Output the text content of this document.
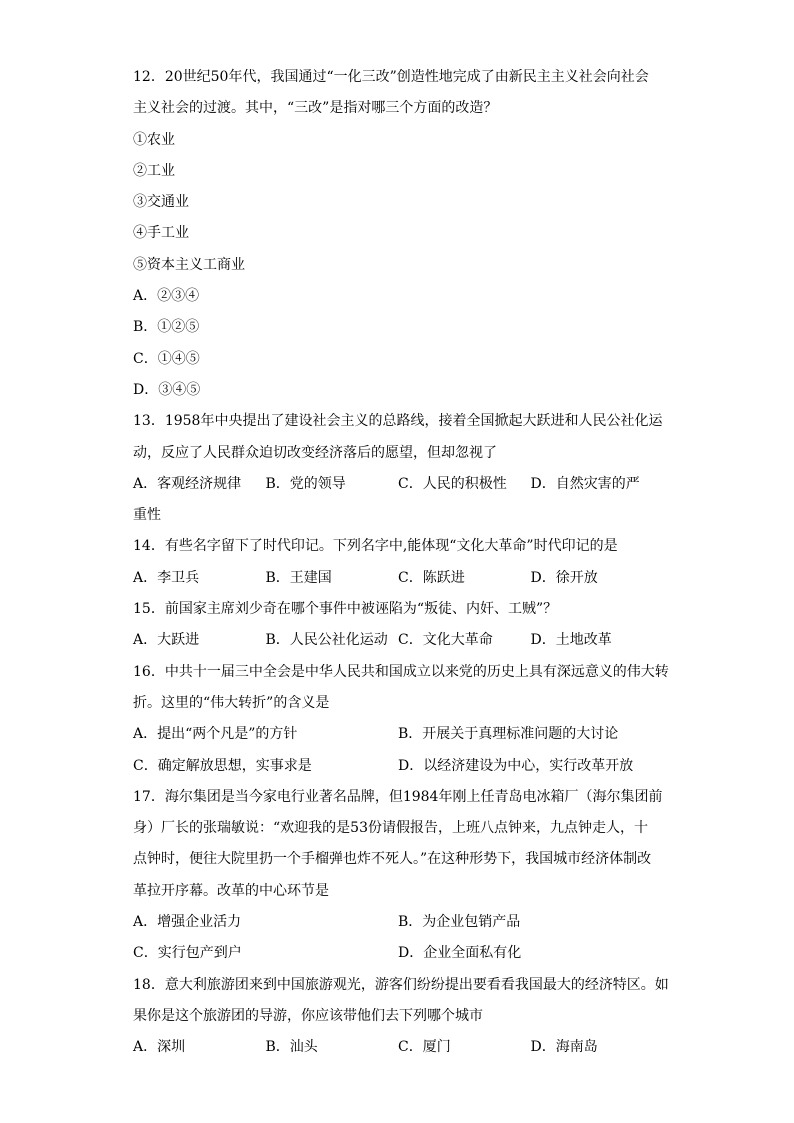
12．20世纪50年代，我国通过“一化三改”创造性地完成了由新民主主义社会向社会
主义社会的过渡。其中，“三改”是指对哪三个方面的改造？
①农业
②工业
③交通业
④手工业
⑤资本主义工商业
A．②③④
B．①②⑤
C．①④⑤
D．③④⑤
13．1958年中央提出了建设社会主义的总路线，接着全国掀起大跃进和人民公社化运
动，反应了人民群众迫切改变经济落后的愿望，但却忽视了
A．客观经济规律	B．党的领导	C．人民的积极性	D．自然灾害的严
重性
14．有些名字留下了时代印记。下列名字中,能体现“文化大革命”时代印记的是
A．李卫兵	B．王建国	C．陈跃进	D．徐开放
15．前国家主席刘少奇在哪个事件中被诬陷为“叛徒、内奸、工贼”？
A．大跃进	B．人民公社化运动 C．文化大革命	D．土地改革
16．中共十一届三中全会是中华人民共和国成立以来党的历史上具有深远意义的伟大转
折。这里的“伟大转折”的含义是
A．提出“两个凡是”的方针	B．开展关于真理标准问题的大讨论
C．确定解放思想，实事求是	D．以经济建设为中心，实行改革开放
17．海尔集团是当今家电行业著名品牌，但1984年刚上任青岛电冰箱厂（海尔集团前
身）厂长的张瑞敏说：“欢迎我的是53份请假报告，上班八点钟来，九点钟走人，十
点钟时，便往大院里扔一个手榴弹也炸不死人。”在这种形势下，我国城市经济体制改
革拉开序幕。改革的中心环节是
A．增强企业活力	B．为企业包销产品
C．实行包产到户	D．企业全面私有化
18．意大利旅游团来到中国旅游观光，游客们纷纷提出要看看我国最大的经济特区。如
果你是这个旅游团的导游，你应该带他们去下列哪个城市
A．深圳	B．汕头	C．厦门	D．海南岛
